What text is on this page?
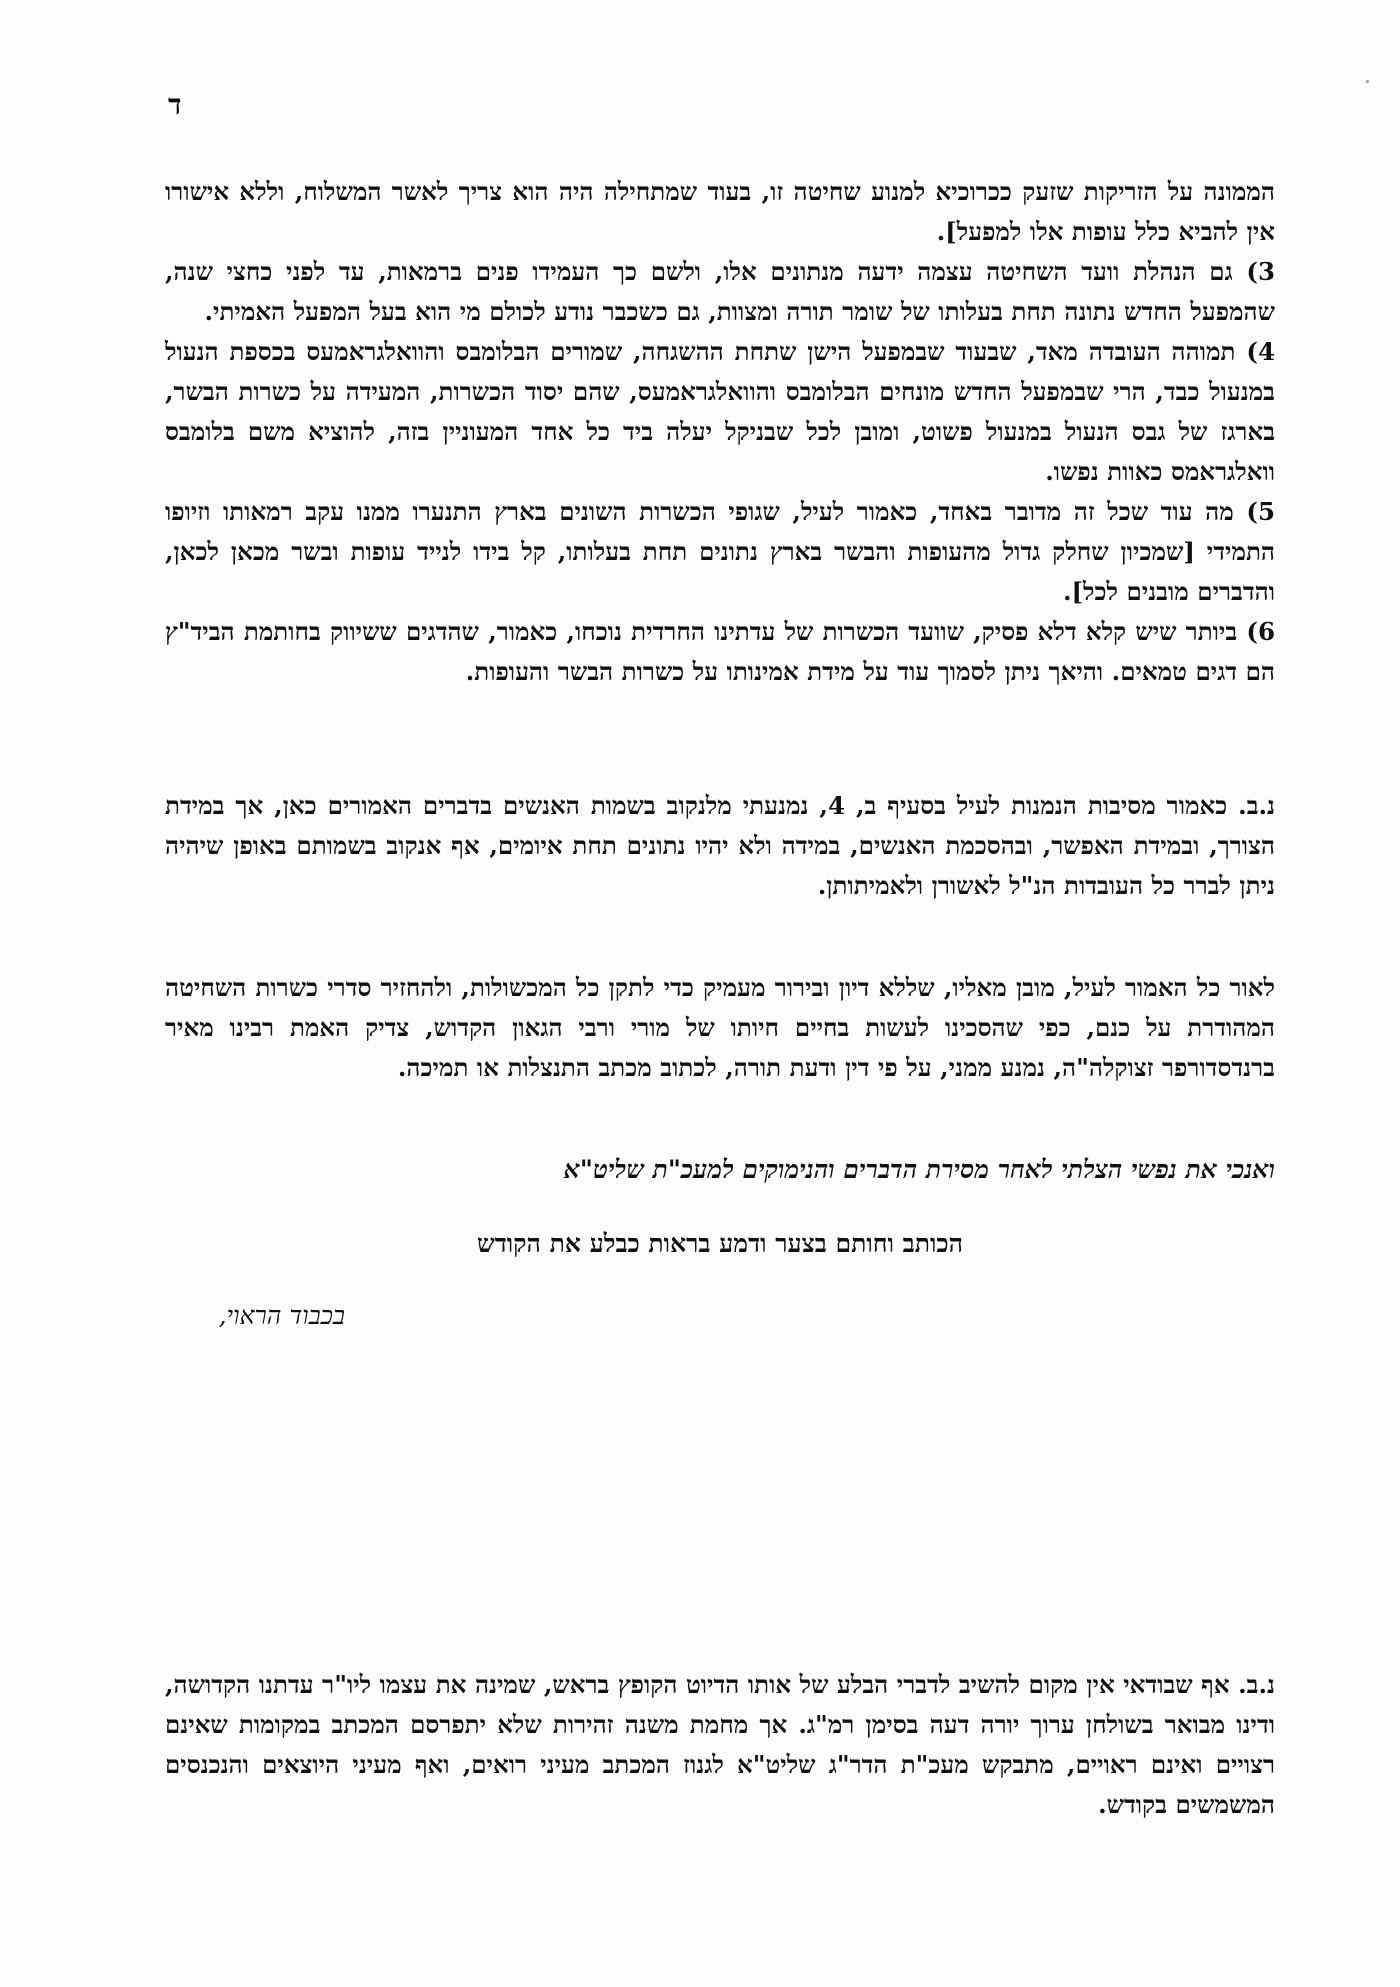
ד

הממונה על הזריקות שזעק ככרוכיא למנוע שחיטה זו, בעוד שמתחילה היה הוא צריך לאשר המשלוח, וללא אישורו אין להביא כלל עופות אלו למפעל].

3) גם הנהלת וועד השחיטה עצמה ידעה מנתונים אלו, ולשם כך העמידו פנים ברמאות, עד לפני כחצי שנה, שהמפעל החדש נתונה תחת בעלותו של שומר תורה ומצוות, גם כשכבר נודע לכולם מי הוא בעל המפעל האמיתי.

4) תמוהה העובדה מאד, שבעוד שבמפעל הישן שתחת ההשגחה, שמורים הבלומבס והוואלגראמעס בכספת הנעול במנעול כבד, הרי שבמפעל החדש מונחים הבלומבס והוואלגראמעס, שהם יסוד הכשרות, המעידה על כשרות הבשר, בארגז של גבס הנעול במנעול פשוט, ומובן לכל שבניקל יעלה ביד כל אחד המעוניין בזה, להוציא משם בלומבס וואלגראמס כאוות נפשו.

5) מה עוד שכל זה מדובר באחד, כאמור לעיל, שגופי הכשרות השונים בארץ התנערו ממנו עקב רמאותו וזיופו התמידי [שמכיון שחלק גדול מהעופות והבשר בארץ נתונים תחת בעלותו, קל בידו לנייד עופות ובשר מכאן לכאן, והדברים מובנים לכל].

6) ביותר שיש קלא דלא פסיק, שוועד הכשרות של עדתינו החרדית נוכחו, כאמור, שהדגים ששיווק בחותמת הביד"ץ הם דגים טמאים. והיאך ניתן לסמוך עוד על מידת אמינותו על כשרות הבשר והעופות.

נ.ב. כאמור מסיבות הנמנות לעיל בסעיף ב, 4, נמנעתי מלנקוב בשמות האנשים בדברים האמורים כאן, אך במידת הצורך, ובמידת האפשר, ובהסכמת האנשים, במידה ולא יהיו נתונים תחת איומים, אף אנקוב בשמותם באופן שיהיה ניתן לברר כל העובדות הנ"ל לאשורן ולאמיתותן.

לאור כל האמור לעיל, מובן מאליו, שללא דיון ובירור מעמיק כדי לתקן כל המכשולות, ולהחזיר סדרי כשרות השחיטה המהודרת על כנם, כפי שהסכינו לעשות בחיים חיותו של מורי ורבי הגאון הקדוש, צדיק האמת רבינו מאיר ברנדסדורפר זצוקלה"ה, נמנע ממני, על פי דין ודעת תורה, לכתוב מכתב התנצלות או תמיכה.

ואנכי את נפשי הצלתי לאחר מסירת הדברים והנימוקים למעכ"ת שליט"א
הכותב וחותם בצער ודמע בראות כבלע את הקודש
בכבוד הראוי,

נ.ב. אף שבודאי אין מקום להשיב לדברי הבלע של אותו הדיוט הקופץ בראש, שמינה את עצמו ליו"ר עדתנו הקדושה, ודינו מבואר בשולחן ערוך יורה דעה בסימן רמ"ג. אך מחמת משנה זהירות שלא יתפרסם המכתב במקומות שאינם רצויים ואינם ראויים, מתבקש מעכ"ת הדר"ג שליט"א לגנוז המכתב מעיני רואים, ואף מעיני היוצאים והנכנסים המשמשים בקודש.
